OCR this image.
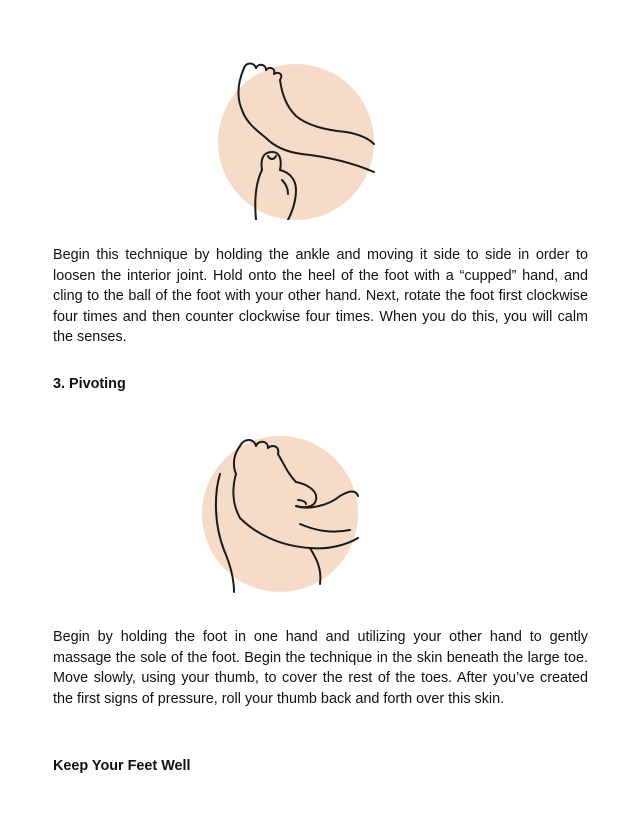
Begin this technique by holding the ankle and moving it side to side in order to loosen the interior joint. Hold onto the heel of the foot with a “cupped” hand, and cling to the ball of the foot with your other hand. Next, rotate the foot first clockwise four times and then counter clockwise four times. When you do this, you will calm the senses.

3. Pivoting

Begin by holding the foot in one hand and utilizing your other hand to gently massage the sole of the foot. Begin the technique in the skin beneath the large toe. Move slowly, using your thumb, to cover the rest of the toes. After you’ve created the first signs of pressure, roll your thumb back and forth over this skin.

Keep Your Feet Well
